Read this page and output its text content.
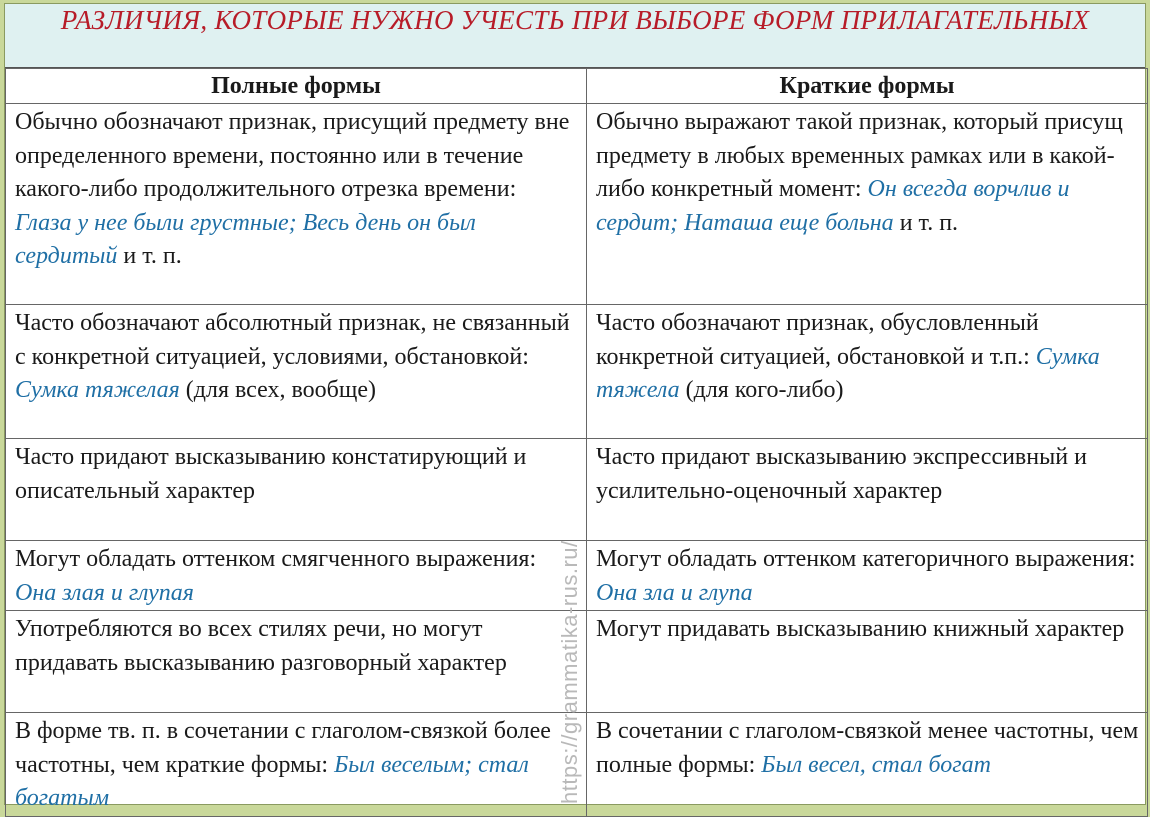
РАЗЛИЧИЯ, КОТОРЫЕ НУЖНО УЧЕСТЬ ПРИ ВЫБОРЕ ФОРМ ПРИЛАГАТЕЛЬНЫХ
Полные формы	Краткие формы
Обычно обозначают признак, присущий предмету вне определенного времени, постоянно или в течение какого-либо продолжительного отрезка времени: Глаза у нее были грустные; Весь день он был сердитый и т. п.	Обычно выражают такой признак, который присущ предмету в любых временных рамках или в какой-либо конкретный момент: Он всегда ворчлив и сердит; Наташа еще больна и т. п.
Часто обозначают абсолютный признак, не связанный с конкретной ситуацией, условиями, обстановкой: Сумка тяжелая (для всех, вообще)	Часто обозначают признак, обусловленный конкретной ситуацией, обстановкой и т.п.: Сумка тяжела (для кого-либо)
Часто придают высказыванию констатирующий и описательный характер	Часто придают высказыванию экспрессивный и усилительно-оценочный характер
Могут обладать оттенком смягченного выражения: Она злая и глупая	Могут обладать оттенком категоричного выражения: Она зла и глупа
Употребляются во всех стилях речи, но могут придавать высказыванию разговорный характер	Могут придавать высказыванию книжный характер
В форме тв. п. в сочетании с глаголом-связкой более частотны, чем краткие формы: Был веселым; стал богатым	В сочетании с глаголом-связкой менее частотны, чем полные формы: Был весел, стал богат
https://grammatika-rus.ru/
